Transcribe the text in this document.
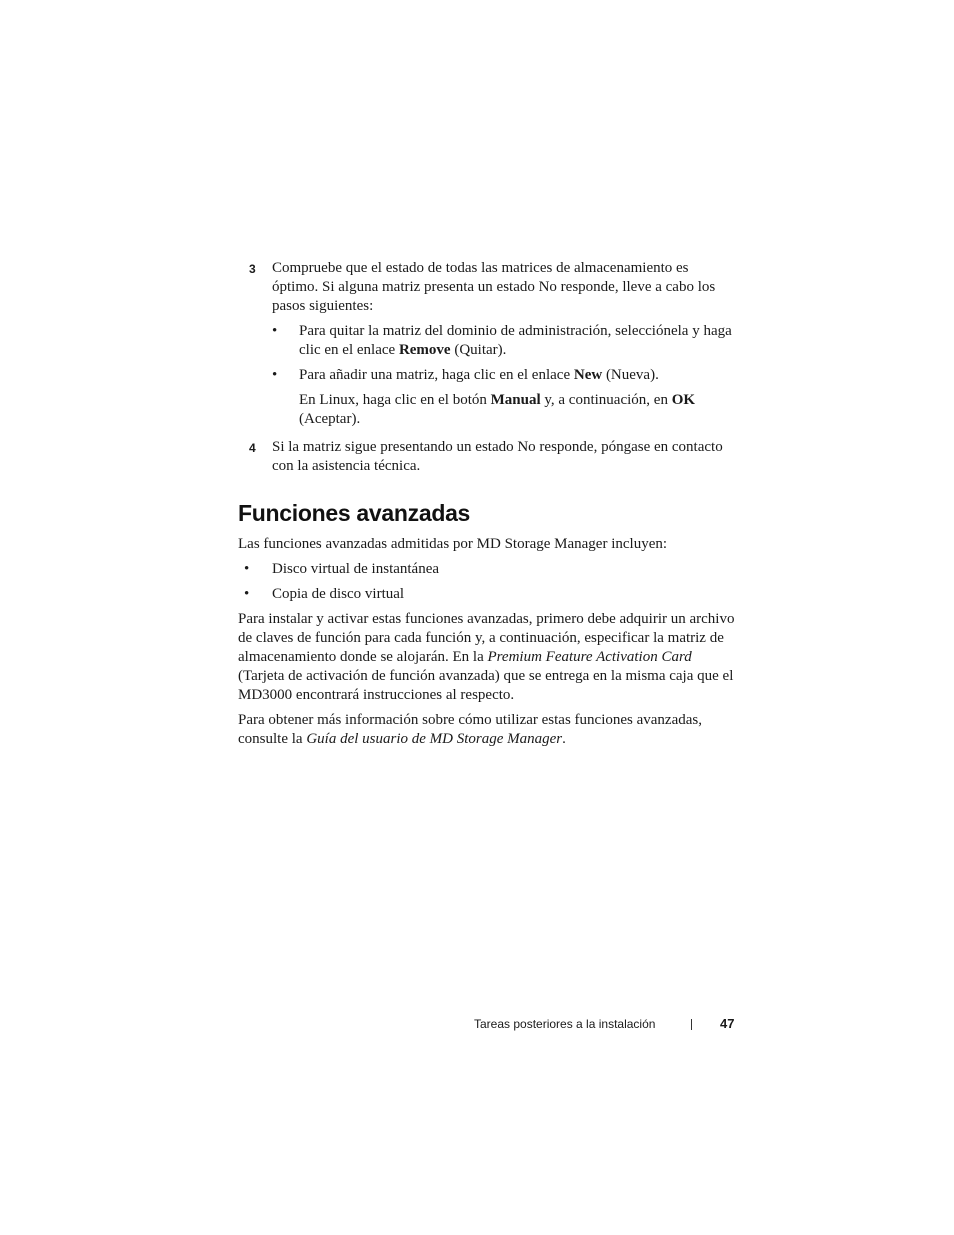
3 Compruebe que el estado de todas las matrices de almacenamiento es óptimo. Si alguna matriz presenta un estado No responde, lleve a cabo los pasos siguientes:

• Para quitar la matriz del dominio de administración, selecciónela y haga clic en el enlace Remove (Quitar).
• Para añadir una matriz, haga clic en el enlace New (Nueva).

En Linux, haga clic en el botón Manual y, a continuación, en OK (Aceptar).

4 Si la matriz sigue presentando un estado No responde, póngase en contacto con la asistencia técnica.

Funciones avanzadas

Las funciones avanzadas admitidas por MD Storage Manager incluyen:

• Disco virtual de instantánea
• Copia de disco virtual

Para instalar y activar estas funciones avanzadas, primero debe adquirir un archivo de claves de función para cada función y, a continuación, especificar la matriz de almacenamiento donde se alojarán. En la Premium Feature Activation Card (Tarjeta de activación de función avanzada) que se entrega en la misma caja que el MD3000 encontrará instrucciones al respecto.

Para obtener más información sobre cómo utilizar estas funciones avanzadas, consulte la Guía del usuario de MD Storage Manager.

Tareas posteriores a la instalación	47
